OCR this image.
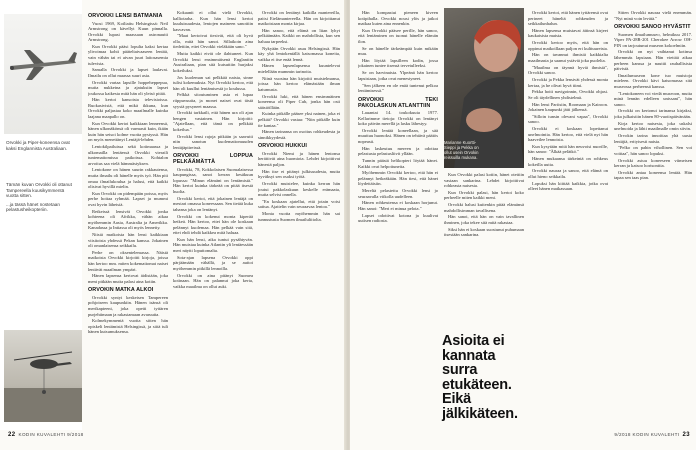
Orvokki ja Piper-koneensa ovat kaksi Englannista Australiaan.
Tämän kuvan Orvokki oli ottanut Tampereella kuusikymmentä vuotta sitten.
...ja tässä hänet nostetaan pelastusheikopteriin.
ORVOKKI LENSI BATMANIA

Vuosi 1969, Koiliaitu Helsingissä: Neil Armstrong on kävellyt Kuun pinnalla. Orvokki lupasi maassaan astronautti Armstrong.

Kun Orvokki pääsi lopulta kaksi kertaa ylivoimaa kohti pääteltaivaaseen lentää, vain vähän tai ei aivan juuri laitosasemia tulevista.

Samalla Orvokki ja lapset laulavat. Ilmailu on ollut maassa suuri asia.

Orvokki vartaa lapsille hoppeheppepua, mutta nukkeina ja ajatuksiin lapset joukossa kaikesta mitä hän oli yleisö pitää.

Hän kertoi kansoista televisioissa. Ruokasivistä, että mikä ikkuna, kun Orvokki paljastaa koko maailmalle kuinka laajana maapallo on.

Kun Orvokki kertoi kaikkiaan lenneensä, hänen ulkonäkönsä oli varmasti kuin, ikään kuin hän seisoi kolme vuotta pystyssä. Hän on myös menettänyt Lentäjä-lehden.

Lentokilpailuissa sekä kotimaassa ja ulkomailla lentäessä Orvokki vieraili tuntemattomissa paikoissa. Kohtalon arvoitus saa vielä hämmästyksen.

Lentokone on hänen suurin rakkautensa, mutta ilmailu oli hänelle myös työ. Hän piti omaa ilmailukoulua ja halusi, että kaikki olisivat hyvillä mielin.

Kun Orvokki on pidempään poissa, myös perhe hoitaa ryhmää. Lapset ja mummi ovat hyvin läheisiä.

Retkeissä lensivät Orvokki jonka kohteena oli Afrikka, vähän aikaa myöhemmin Aasia, Australia ja Amerikka. Kanadassa ja Intiassa oli myös lennetty.

Niistä matkoista hän lensi kaikkiaan viisitoista yhdessä Pekan kanssa. Jokainen oli omanlaisensa seikkailu.

Perhe on oksentelemassa. Näistä matkoista Orvokki kirjoitti kirjoja, joissa hän kertoo mm. miten kokemattomat naiset lentävät maailman ympäri.

Hänen lapsensa kertovat äidistään, joka meni pitkään mutta palasi aina kotiin.

ORVOKIN MATKA ALKOI

Orvokki syntyi keskeisen Tampereen pohjoiseen kaupunkiin. Hänen isänsä oli merikapteeni, joka opetti tyttären purjehtimaan ja rakastamaan avaruutta.

Kolmekymmentä vuotta sitten hän opiskeli lentämistä Helsingissä, ja siitä tuli hänen kutsumuksensa.

Kokaanit ei ollut vielä Orvokki, kalliotarha. Kun hän lensi kertoi kuuluisuudesta, lentojen maineen sanottiin kasvavan.

"Maat kertoivat tiesivät, että oli hyvä olla, mitä hän sanoi. Sillaikoin aina tiedettiin, ettei Orvokki vieläkään sano."

Mutta kaikki eivät ole ilahtuneet. Kun Orvokki lensi ensimmäisenä Englantiin Australiaan, pian sitä kutsuttiin hurjaksi kokeiluksi.

Jos kuoleman sai pelkkää naista, sinne tulisi kokemuksia. Nyt Orvokki kertoo, että hän oli kuullut lentämisestä jo koulussa.

Pelkkä sitoutuminen asia ei lupaa riippuvuutta, ja monet naiset ovat tästä syystä pysyneet maassa.

Orvokki tarkkaili, että hänen ura oli ajan hengen vastainen. Hän kirjoitti: "Ajatellaan, että tämä on pelkkää kokeilua."

Orvokki lensi rajoja pitkään ja saavutti niin sanotun kuolemattomuuden lentäjäpiireissä.

ORVOKKI LOPPUA PELKÄÄMÄTTÄ

Orvokki, 78, Kokkolaisen Suomalaisessa kaupungissa, sanoi kerran kesäkuun lopussa: "Minun elämäni on lentämistä." Hän kertoi kuinka tärkeää on pitää itsestä huolta.

Orvokki kertoi, että jokainen lentäjä on mestari omassa koneessaan. Sen tietää kuka tahansa joka on lentänyt.

Orvokki on kokenut monta kiperää hetkeä. Hän kertoo, ettei hän ole koskaan pelännyt kuolemaa. Hän pelkää vain sitä, ettei ehdi tehdä kaikkea mitä haluaa.

Kun hän lensi, aika tuntui pysähtyvän. Hän muistaa kuinka Atlantin yli lentäessään meri näytti loputtomalta.

Sota-ajan lapsena Orvokki oppi pärjäämään vähällä, ja se auttoi myöhemmin pitkillä lennoilla.

Orvokki on aina pitänyt Suomea kotinaan. Hän on palannut joka kerta, vaikka maailma on ollut auki.

Orvokki on lentänyt kaikilla mantereilla, paitsi Etelämantereella. Hän on kirjoittanut matkoistaan monta kirjaa.

Hän sanoo, että elämä on liian lyhyt pelkäämään. Kaikki on mahdollista, kun sen haluaa tarpeeksi.

Nykyään Orvokki asuu Helsingissä. Hän käy yhä lentokentällä katsomassa koneita, vaikka ei itse enää lennä.

Hänen lapsenlapsensa kuuntelevat mielellään mummin tarinoita.

Niinä vuosina hän kirjoitti muistelmansa, joissa hän kertoo elämästään ilman katumusta.

Orvokki luki, että hänen ensimmäinen koneensa oli Piper Cub, jonka hän osti säästöillään.

Kuinka pitkälle pääsee yksi nainen, joka ei pelkää? Orvokki vastaa: "Niin pitkälle kuin tie kantaa."

Hänen tarinansa on osoitus rohkeudesta ja sinnikkyydestä.

ORVOKKI HUKKUI

Orvokki Niemi ja hänen lentonsa herättivät aina huomiota. Lehdet kirjoittivat hänestä paljon.

Hän itse ei pitänyt julkisuudesta, mutta hyväksyi sen osaksi työtä.

Orvokki muistelee, kuinka kerran hän joutui pakkolaskuun keskelle erämaata, mutta selvisi onnella.

"En koskaan ajatellut, että jotain voisi sattua. Ajattelin vain seuraavaa lentoa."

Monta vuotta myöhemmin hän sai tunnustusta Suomen ilmailuliitolta.

22 KODIN KUVALEHTI 9/2018

Hän kompastui pieneen kiveen kotipihalla. Orvokki nousi ylös ja jatkoi matkaa kuten aina ennenkin.

Kun Orvokki pääsee perille, hän sanoo, että lentäminen on tuonut hänelle elämän ilon.

Se on hänelle tärkeämpää kuin mikään muu.

Hän löytää lapsilleen kodin, jossa jokainen tuntee itsensä tervetulleeksi.

Se on harvinaista. Ylpeänä hän kertoo lapsistaan, jotka ovat menestyneet.

"Sen jälkeen en ole enää tuntenut pelkoa lentämisessä."

ORVOKKI TEKI PAKOLASKUN ATLANTTIIN

Lauantai 14. toukokuuta 1977. Kellarimme tietoja: Orvokki on lentänyt koko päivän merellä ja lasku lähestyy.

Orvokki lentää koneellaan, ja sää muuttuu huonoksi. Hänen on tehtävä päätös nopeasti.

Hän laskeutuu mereen ja odottaa pelastusta pelastusliivit yllään.

Tunnin päästä helikopteri löytää hänet. Kaikki ovat helpottuneita.

Myöhemmin Orvokki kertoo, että hän ei pelännyt hetkeäkään. Hän tiesi, että hänet löydettäisiin.

Mereltä pelastettu Orvokki lensi jo seuraavalla viikolla uudelleen.

Hänen rohkeutensa ei koskaan horjunut. Hän sanoi: "Meri ei minua pelota."

Lapset odottivat kotona ja kuulivat uutisen radiosta.

Marianne Kuortti-Sieppi ja Pekka on ollut usein Orvokin reissuilla mukana.

Kun Orvokki palasi kotiin, hänet otettiin vastaan sankarina. Lehdet kirjoittivat rohkeasta naisesta.

Kun Orvokki palasi, hän kertoi koko perheelle miten kaikki meni.

Orvokki halusi kuitenkin pitää elämänsä mahdollisimman tavallisena.

Hän sanoi, että hän on vain tavallinen ihminen, joka tekee sitä mitä rakastaa.

Siksi hän ei koskaan suostunut puhumaan itsestään sankarina.

Asioita ei kannata surra etukäteen. Eikä jälkikäteen.

Orvokki kertoi, että hänen tyttärensä ovat perineet häneltä rohkeuden ja seikkailunhalun.

Hänen lapsensa muistavat äitinsä kirjeet kaukaisista maista.

Orvokki kertoo myös, että hän on oppinut matkoillaan paljon eri kulttuureista.

Hän on tavannut ihmisiä kaikkialta maailmasta ja saanut ystäviä joka puolelta.

"Maailma on täynnä hyviä ihmisiä", Orvokki sanoo.

Orvokki ja Pekka lensivät yhdessä monta kertaa, ja he olivat hyvä tiimi.

Pekka hoiti navigoinnin, Orvokki ohjasi. Se oli täydellinen yhdistelmä.

Hän lensi Pariisiin, Roomaan ja Kairoon. Jokainen kaupunki jätti jälkensä.

"Silloin tunsin olevani vapaa", Orvokki sanoo.

Orvokki ei koskaan lopettanut unelmointia. Hän kertoo, että vielä nyt hän haaveilee lennoista.

Kun kysytään mitä hän neuvoisi nuorille, hän sanoo: "Älkää pelätkö."

Hänen mukaansa tärkeintä on rohkeus kokeilla uutta.

Orvokki nauraa ja sanoo, että elämä on ollut hieno seikkailu.

Lopuksi hän kiittää kaikkia, jotka ovat olleet hänen matkassaan.

Sitten Orvokki nauraa vielä enemmän. "Nyt minä voin levätä."

ORVOKKI SANOO HYVÄSTIT

Suomen ilmailumuseo, helmikuu 2017. Viper PA-28R-201 Cherokee Arrow OH-PIN on tarjoutunut museon kokoelmiin.

Orvokki on nyt vaihtanut kotinsa lähemmäs lapsiaan. Hän viettää aikaa perheen kanssa ja nauttii rauhallisista päivistä.

Ilmailumuseon kone tuo muistoja mieleen. Orvokki kävi katsomassa sitä museossa perheensä kanssa.

"Lentokoneen voi viedä museoon, mutta minä lennän edelleen unissani", hän sanoo.

Orvokki on kertonut tarinansa kirjaksi, joka julkaistiin hänen 80-vuotispäivänään.

Kirja kertoo naisesta, joka uskalsi unelmoida ja lähti maailmalle omin siivin.

Orvokin tarina innoittaa yhä uusia lentäjiä, erityisesti naisia.

"Pelko on pahin vihollinen. Sen voi voittaa", hän sanoo lopuksi.

Orvokki astuu koneeseen viimeisen kerran ja katsoo horisonttia.

Orvokki antaa koneensa lentää. Hän tapaa sen taas pian.

9/2018 KODIN KUVALEHTI 23
